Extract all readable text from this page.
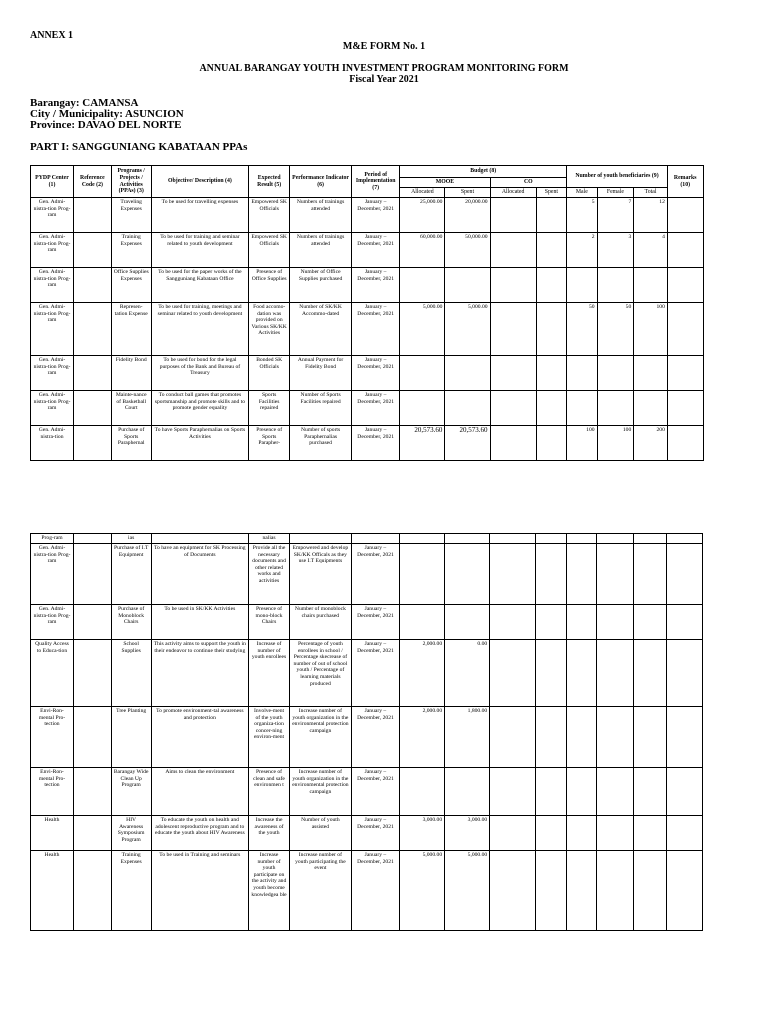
ANNEX 1
M&E FORM No. 1
ANNUAL BARANGAY YOUTH INVESTMENT PROGRAM MONITORING FORM
Fiscal Year 2021
Barangay: CAMANSA
City / Municipality: ASUNCION
Province: DAVAO DEL NORTE
PART I: SANGGUNIANG KABATAAN PPAs
PYDP Center (1)	Reference Code (2)	Programs / Projects / Activities (PPAs) (3)	Objective/ Description (4)	Expected Result (5)	Performance Indicator (6)	Period of Implementation (7)	Budget (8)				Number of youth beneficiaries (9)			Remarks (10)	
							MOOE		CO						
							Allocated	Spent	Allocated	Spent	Male	Female	Total		
Gen. Admi-nistra-tion Prog-ram		Traveling Expenses	To be used for travelling expenses	Empowered SK Officials	Numbers of trainings attended	January – December, 2021	25,000.00	20,000.00			5	7	12		
Gen. Admi-nistra-tion Prog-ram		Training Expenses	To be used for training and seminar related to youth development	Empowered SK Officials	Numbers of trainings attended	January – December, 2021	60,000.00	50,000.00			2	3	4		
Gen. Admi-nistra-tion Prog-ram		Office Supplies Expenses	To be used for the paper works of the Sangguniang Kabataan Office	Presence of Office Supplies	Number of Office Supplies purchased	January – December, 2021									
Gen. Admi-nistra-tion Prog-ram		Represen-tation Expense	To be used for training, meetings and seminar related to youth development	Food accomo-dation was provided on Various SK/KK Activities	Number of SK/KK Accommo-dated	January – December, 2021	5,000.00	5,000.00			50	50	100		
Gen. Admi-nistra-tion Prog-ram		Fidelity Bond	To be used for bond for the legal purposes of the Bank and Bureau of Treasury	Bonded SK Officials	Annual Payment for Fidelity Bond	January – December, 2021									
Gen. Admi-nistra-tion Prog-ram		Mainte-nance of Basketball Court	To conduct ball games that promotes sportsmanship and promote skills and to promote gender equality	Sports Facilities repaired	Number of Sports Facilities repaired	January – December, 2021									
Gen. Admi-nistra-tion		Purchase of Sports Paraphernal	To have Sports Paraphernalias on Sports Activities	Presence of Sports Parapher-	Number of sports Paraphernalias purchased	January – December, 2021	20,573.60	20,573.60			100	100	200		
Prog-ram		ias		nalias										
Gen. Admi-nistra-tion Prog-ram		Purchase of I.T Equipment	To have an equipment for SK Processing of Documents	Provide all the necessary documents and other related works and activities	Empowered and develop SK/KK Officals as they use I.T Equipments	January – December, 2021								
Gen. Admi-nistra-tion Prog-ram		Purchase of Monoblock Chairs	To be used in SK/KK Activities	Presence of mono-block Chairs	Number of monoblock chairs purchased	January – December, 2021								
Quality Access to Educa-tion		School Supplies	This activity aims to support the youth in their endeavor to continue their studying	Increase of number of youth enrollees	Percentage of youth enrollees in school / Percentage skecrease of number of out of school youth / Percentage of learning materials produced	January – December, 2021	2,000.00	0.00						
Envi-Ron-mental Pro-tection		Tree Planting	To promote environment-tal awareness and protection	Involve-ment of the youth organiza-tion concer-ning environ-ment	Increase number of youth organization in the environmental protection campaign	January – December, 2021	2,000.00	1,800.00						
Envi-Ron-mental Pro-tection		Barangay Wide Clean Up Program	Aims to clean the environment	Presence of clean and safe environmen t	Increase number of youth organization in the environmental protection campaign	January – December, 2021								
Health		HIV Awareness Symposium Program	To educate the youth on health and adolescent reproductive program and to educate the youth about HIV Awareness	Increase the awareness of the youth	Number of youth assisted	January – December, 2021	3,000.00	3,000.00						
Health		Training Expenses	To be used in Training and seminars	Increase number of youth participate on the activity and youth become knowledgea ble	Increase number of youth participating the event	January – December, 2021	5,000.00	5,000.00						
